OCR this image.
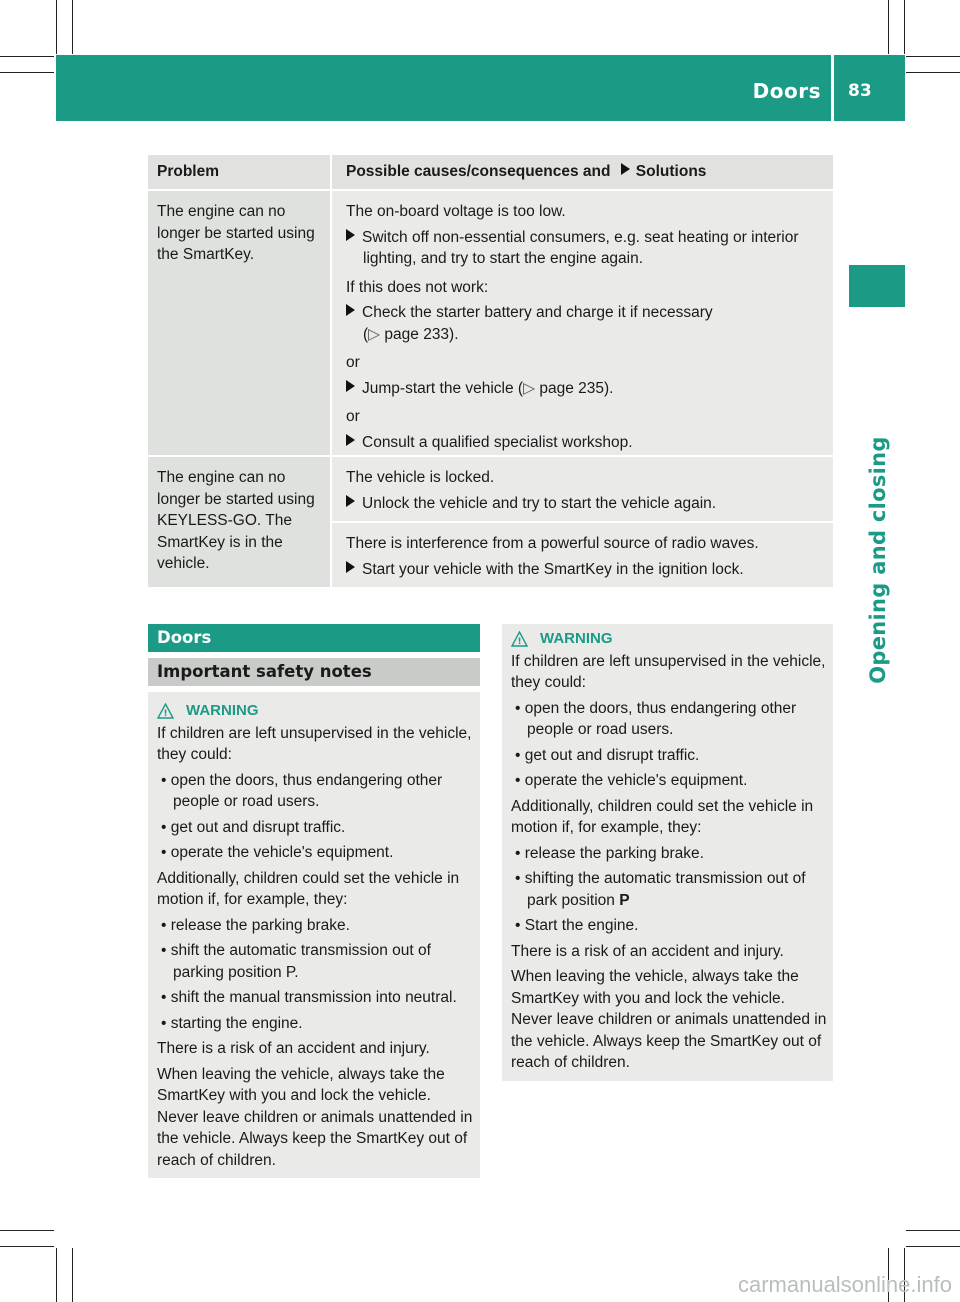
Doors 83
Opening and closing
Problem	Possible causes/consequences and Solutions

The engine can no longer be started using the SmartKey.

The on-board voltage is too low.

Switch off non-essential consumers, e.g. seat heating or interior lighting, and try to start the engine again.

If this does not work:

Check the starter battery and charge it if necessary
(▷ page 233).

or

Jump-start the vehicle (▷ page 235).

or

Consult a qualified specialist workshop.

The engine can no longer be started using KEYLESS-GO. The SmartKey is in the vehicle.

The vehicle is locked.

Unlock the vehicle and try to start the vehicle again.

There is interference from a powerful source of radio waves.

Start your vehicle with the SmartKey in the ignition lock.

Doors
Important safety notes
! WARNING

If children are left unsupervised in the vehicle, they could:

• open the doors, thus endangering other people or road users.

• get out and disrupt traffic.

• operate the vehicle's equipment.

Additionally, children could set the vehicle in motion if, for example, they:

• release the parking brake.

• shift the automatic transmission out of parking position P.

• shift the manual transmission into neutral.

• starting the engine.

There is a risk of an accident and injury.

When leaving the vehicle, always take the SmartKey with you and lock the vehicle. Never leave children or animals unattended in the vehicle. Always keep the SmartKey out of reach of children.

! WARNING

If children are left unsupervised in the vehicle, they could:

• open the doors, thus endangering other people or road users.

• get out and disrupt traffic.

• operate the vehicle's equipment.

Additionally, children could set the vehicle in motion if, for example, they:

• release the parking brake.

• shifting the automatic transmission out of park position P

• Start the engine.

There is a risk of an accident and injury.

When leaving the vehicle, always take the SmartKey with you and lock the vehicle. Never leave children or animals unattended in the vehicle. Always keep the SmartKey out of reach of children.

carmanualsonline.info
